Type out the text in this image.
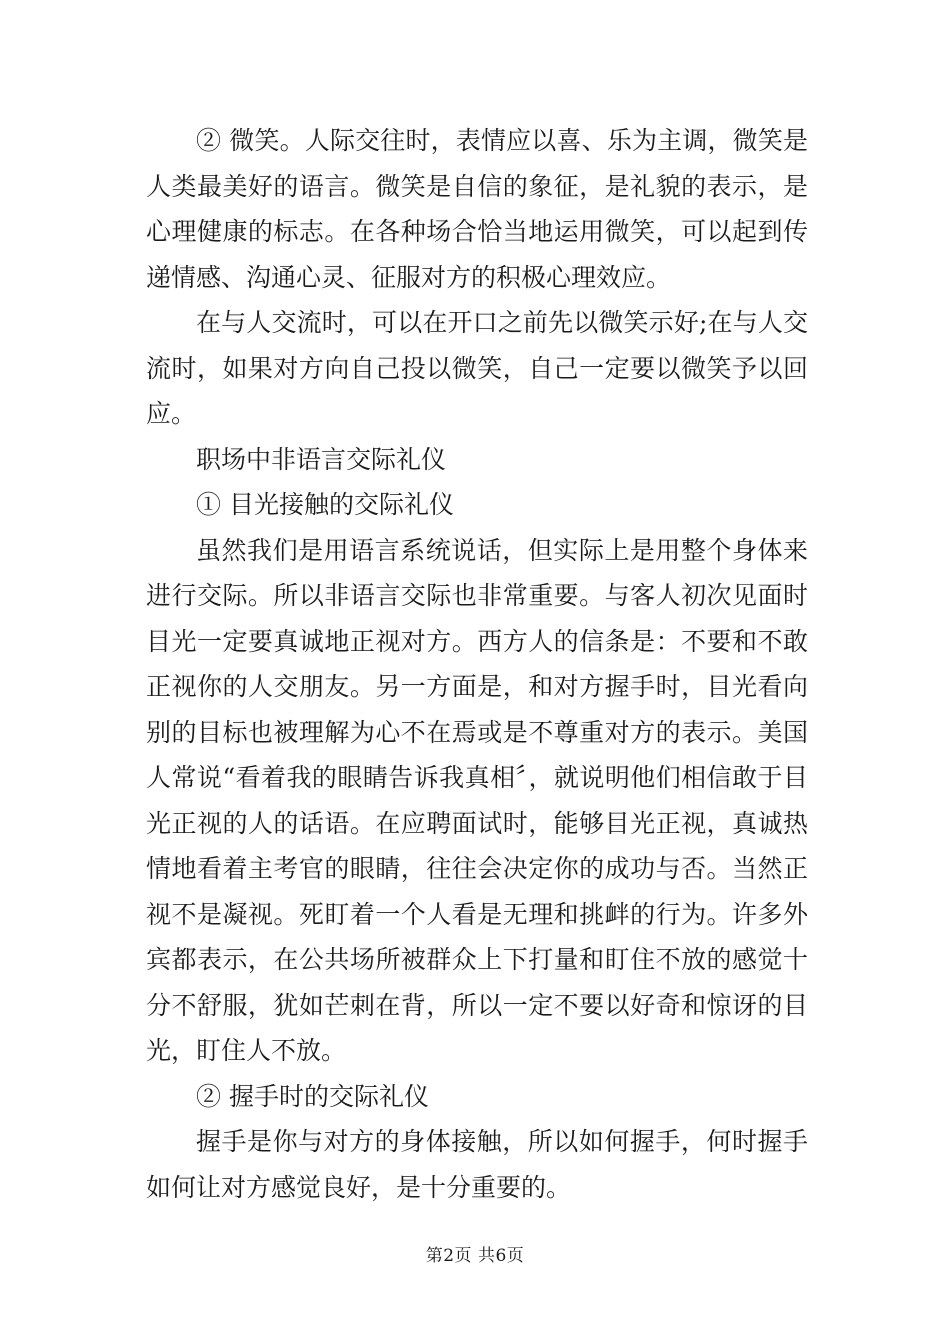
② 微笑。人际交往时，表情应以喜、乐为主调，微笑是人类最美好的语言。微笑是自信的象征，是礼貌的表示，是心理健康的标志。在各种场合恰当地运用微笑，可以起到传递情感、沟通心灵、征服对方的积极心理效应。

在与人交流时，可以在开口之前先以微笑示好;在与人交流时，如果对方向自己投以微笑，自己一定要以微笑予以回应。

职场中非语言交际礼仪

① 目光接触的交际礼仪

虽然我们是用语言系统说话，但实际上是用整个身体来进行交际。所以非语言交际也非常重要。与客人初次见面时目光一定要真诚地正视对方。西方人的信条是：不要和不敢正视你的人交朋友。另一方面是，和对方握手时，目光看向别的目标也被理解为心不在焉或是不尊重对方的表示。美国人常说“看着我的眼睛告诉我真相〞，就说明他们相信敢于目光正视的人的话语。在应聘面试时，能够目光正视，真诚热情地看着主考官的眼睛，往往会决定你的成功与否。当然正视不是凝视。死盯着一个人看是无理和挑衅的行为。许多外宾都表示，在公共场所被群众上下打量和盯住不放的感觉十分不舒服，犹如芒刺在背，所以一定不要以好奇和惊讶的目光，盯住人不放。

② 握手时的交际礼仪

握手是你与对方的身体接触，所以如何握手，何时握手如何让对方感觉良好，是十分重要的。

第2页 共6页
